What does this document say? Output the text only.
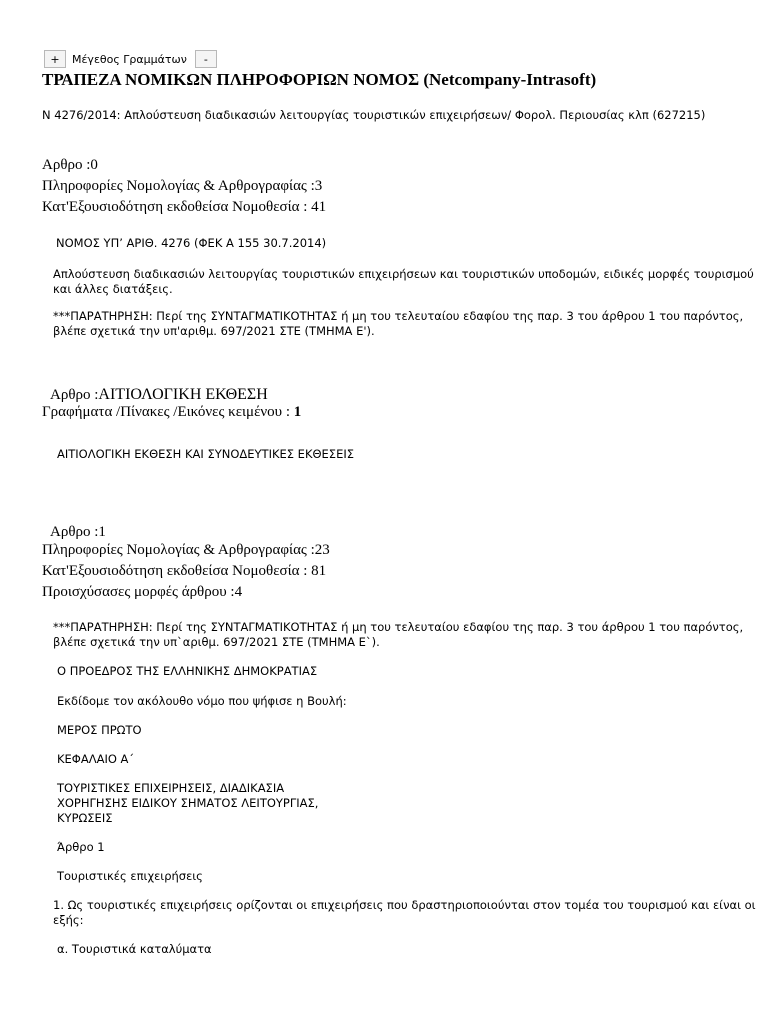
+	Μέγεθος Γραμμάτων	-
ΤΡΑΠΕΖΑ ΝΟΜΙΚΩΝ ΠΛΗΡΟΦΟΡΙΩΝ ΝΟΜΟΣ (Netcompany-Intrasoft)
Ν 4276/2014: Απλούστευση διαδικασιών λειτουργίας τουριστικών επιχειρήσεων/ Φορολ. Περιουσίας κλπ (627215)
Αρθρο :0
Πληροφορίες Νομολογίας & Αρθρογραφίας :3
Κατ'Εξουσιοδότηση εκδοθείσα Νομοθεσία : 41
ΝΟΜΟΣ ΥΠ’ ΑΡΙΘ. 4276 (ΦΕΚ Α 155 30.7.2014)
Απλούστευση διαδικασιών λειτουργίας τουριστικών επιχειρήσεων και τουριστικών υποδομών, ειδικές μορφές τουρισμού και άλλες διατάξεις.
***ΠΑΡΑΤΗΡΗΣΗ: Περί της ΣΥΝΤΑΓΜΑΤΙΚΟΤΗΤΑΣ ή μη του τελευταίου εδαφίου της παρ. 3 του άρθρου 1 του παρόντος, βλέπε σχετικά την υπ'αριθμ. 697/2021 ΣΤΕ (ΤΜΗΜΑ Ε').
Αρθρο :ΑΙΤΙΟΛΟΓΙΚΗ ΕΚΘΕΣΗ
Γραφήματα /Πίνακες /Εικόνες κειμένου : 1
ΑΙΤΙΟΛΟΓΙΚΗ ΕΚΘΕΣΗ ΚΑΙ ΣΥΝΟΔΕΥΤΙΚΕΣ ΕΚΘΕΣΕΙΣ
Αρθρο :1
Πληροφορίες Νομολογίας & Αρθρογραφίας :23
Κατ'Εξουσιοδότηση εκδοθείσα Νομοθεσία : 81
Προισχύσασες μορφές άρθρου :4
***ΠΑΡΑΤΗΡΗΣΗ: Περί της ΣΥΝΤΑΓΜΑΤΙΚΟΤΗΤΑΣ ή μη του τελευταίου εδαφίου της παρ. 3 του άρθρου 1 του παρόντος, βλέπε σχετικά την υπ`αριθμ. 697/2021 ΣΤΕ (ΤΜΗΜΑ Ε`).
Ο ΠΡΟΕΔΡΟΣ ΤΗΣ ΕΛΛΗΝΙΚΗΣ ΔΗΜΟΚΡΑΤΙΑΣ
Εκδίδομε τον ακόλουθο νόμο που ψήφισε η Βουλή:
ΜΕΡΟΣ ΠΡΩΤΟ
ΚΕΦΑΛΑΙΟ Α΄
ΤΟΥΡΙΣΤΙΚΕΣ ΕΠΙΧΕΙΡΗΣΕΙΣ, ΔΙΑΔΙΚΑΣΙΑ
ΧΟΡΗΓΗΣΗΣ ΕΙΔΙΚΟΥ ΣΗΜΑΤΟΣ ΛΕΙΤΟΥΡΓΙΑΣ,
ΚΥΡΩΣΕΙΣ
Άρθρο 1
Τουριστικές επιχειρήσεις
1. Ως τουριστικές επιχειρήσεις ορίζονται οι επιχειρήσεις που δραστηριοποιούνται στον τομέα του τουρισμού και είναι οι εξής:
α. Τουριστικά καταλύματα
